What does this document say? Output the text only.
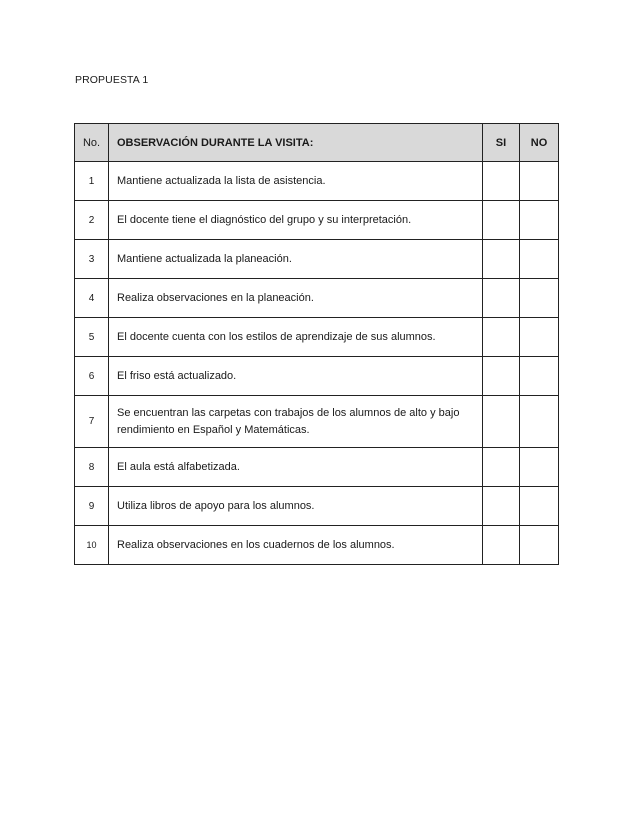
PROPUESTA 1
No.	OBSERVACIÓN DURANTE LA VISITA:	SI	NO
1	Mantiene actualizada la lista de asistencia.		
2	El docente tiene el diagnóstico del grupo y su interpretación.		
3	Mantiene actualizada la planeación.		
4	Realiza observaciones en la planeación.		
5	El docente cuenta con los estilos de aprendizaje de sus alumnos.		
6	El friso está actualizado.		
7	Se encuentran las carpetas con trabajos de los alumnos de alto y bajo rendimiento en Español y Matemáticas.		
8	El aula está alfabetizada.		
9	Utiliza libros de apoyo para los alumnos.		
10	Realiza observaciones en los cuadernos de los alumnos.		
